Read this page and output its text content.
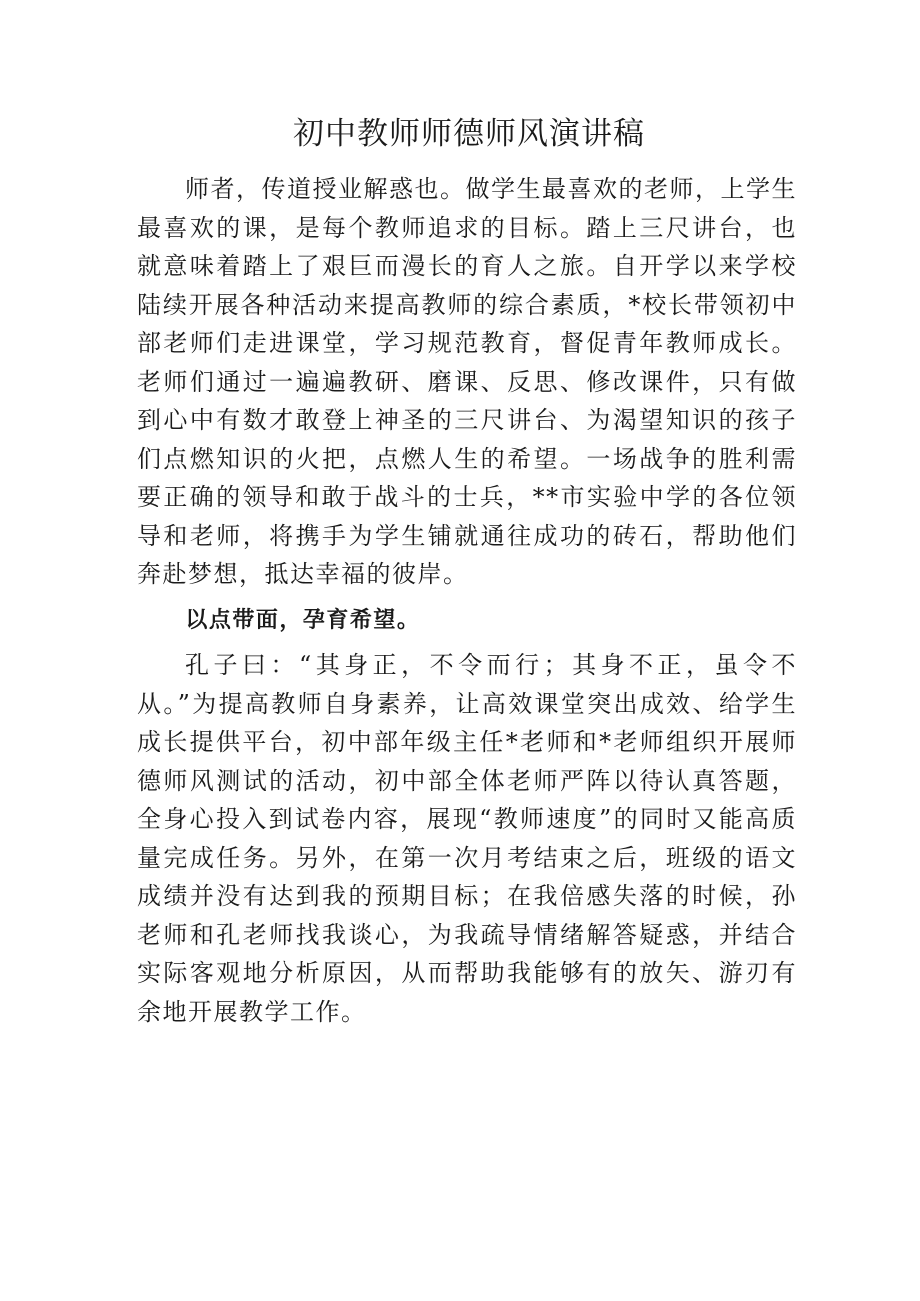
初中教师师德师风演讲稿

师者，传道授业解惑也。做学生最喜欢的老师，上学生最喜欢的课，是每个教师追求的目标。踏上三尺讲台，也就意味着踏上了艰巨而漫长的育人之旅。自开学以来学校陆续开展各种活动来提高教师的综合素质，*校长带领初中部老师们走进课堂，学习规范教育，督促青年教师成长。老师们通过一遍遍教研、磨课、反思、修改课件，只有做到心中有数才敢登上神圣的三尺讲台、为渴望知识的孩子们点燃知识的火把，点燃人生的希望。一场战争的胜利需要正确的领导和敢于战斗的士兵，**市实验中学的各位领导和老师，将携手为学生铺就通往成功的砖石，帮助他们奔赴梦想，抵达幸福的彼岸。

以点带面，孕育希望。

孔子曰：“其身正，不令而行；其身不正，虽令不从。”为提高教师自身素养，让高效课堂突出成效、给学生成长提供平台，初中部年级主任*老师和*老师组织开展师德师风测试的活动，初中部全体老师严阵以待认真答题，全身心投入到试卷内容，展现“教师速度”的同时又能高质量完成任务。另外，在第一次月考结束之后，班级的语文成绩并没有达到我的预期目标；在我倍感失落的时候，孙老师和孔老师找我谈心，为我疏导情绪解答疑惑，并结合实际客观地分析原因，从而帮助我能够有的放矢、游刃有余地开展教学工作。
